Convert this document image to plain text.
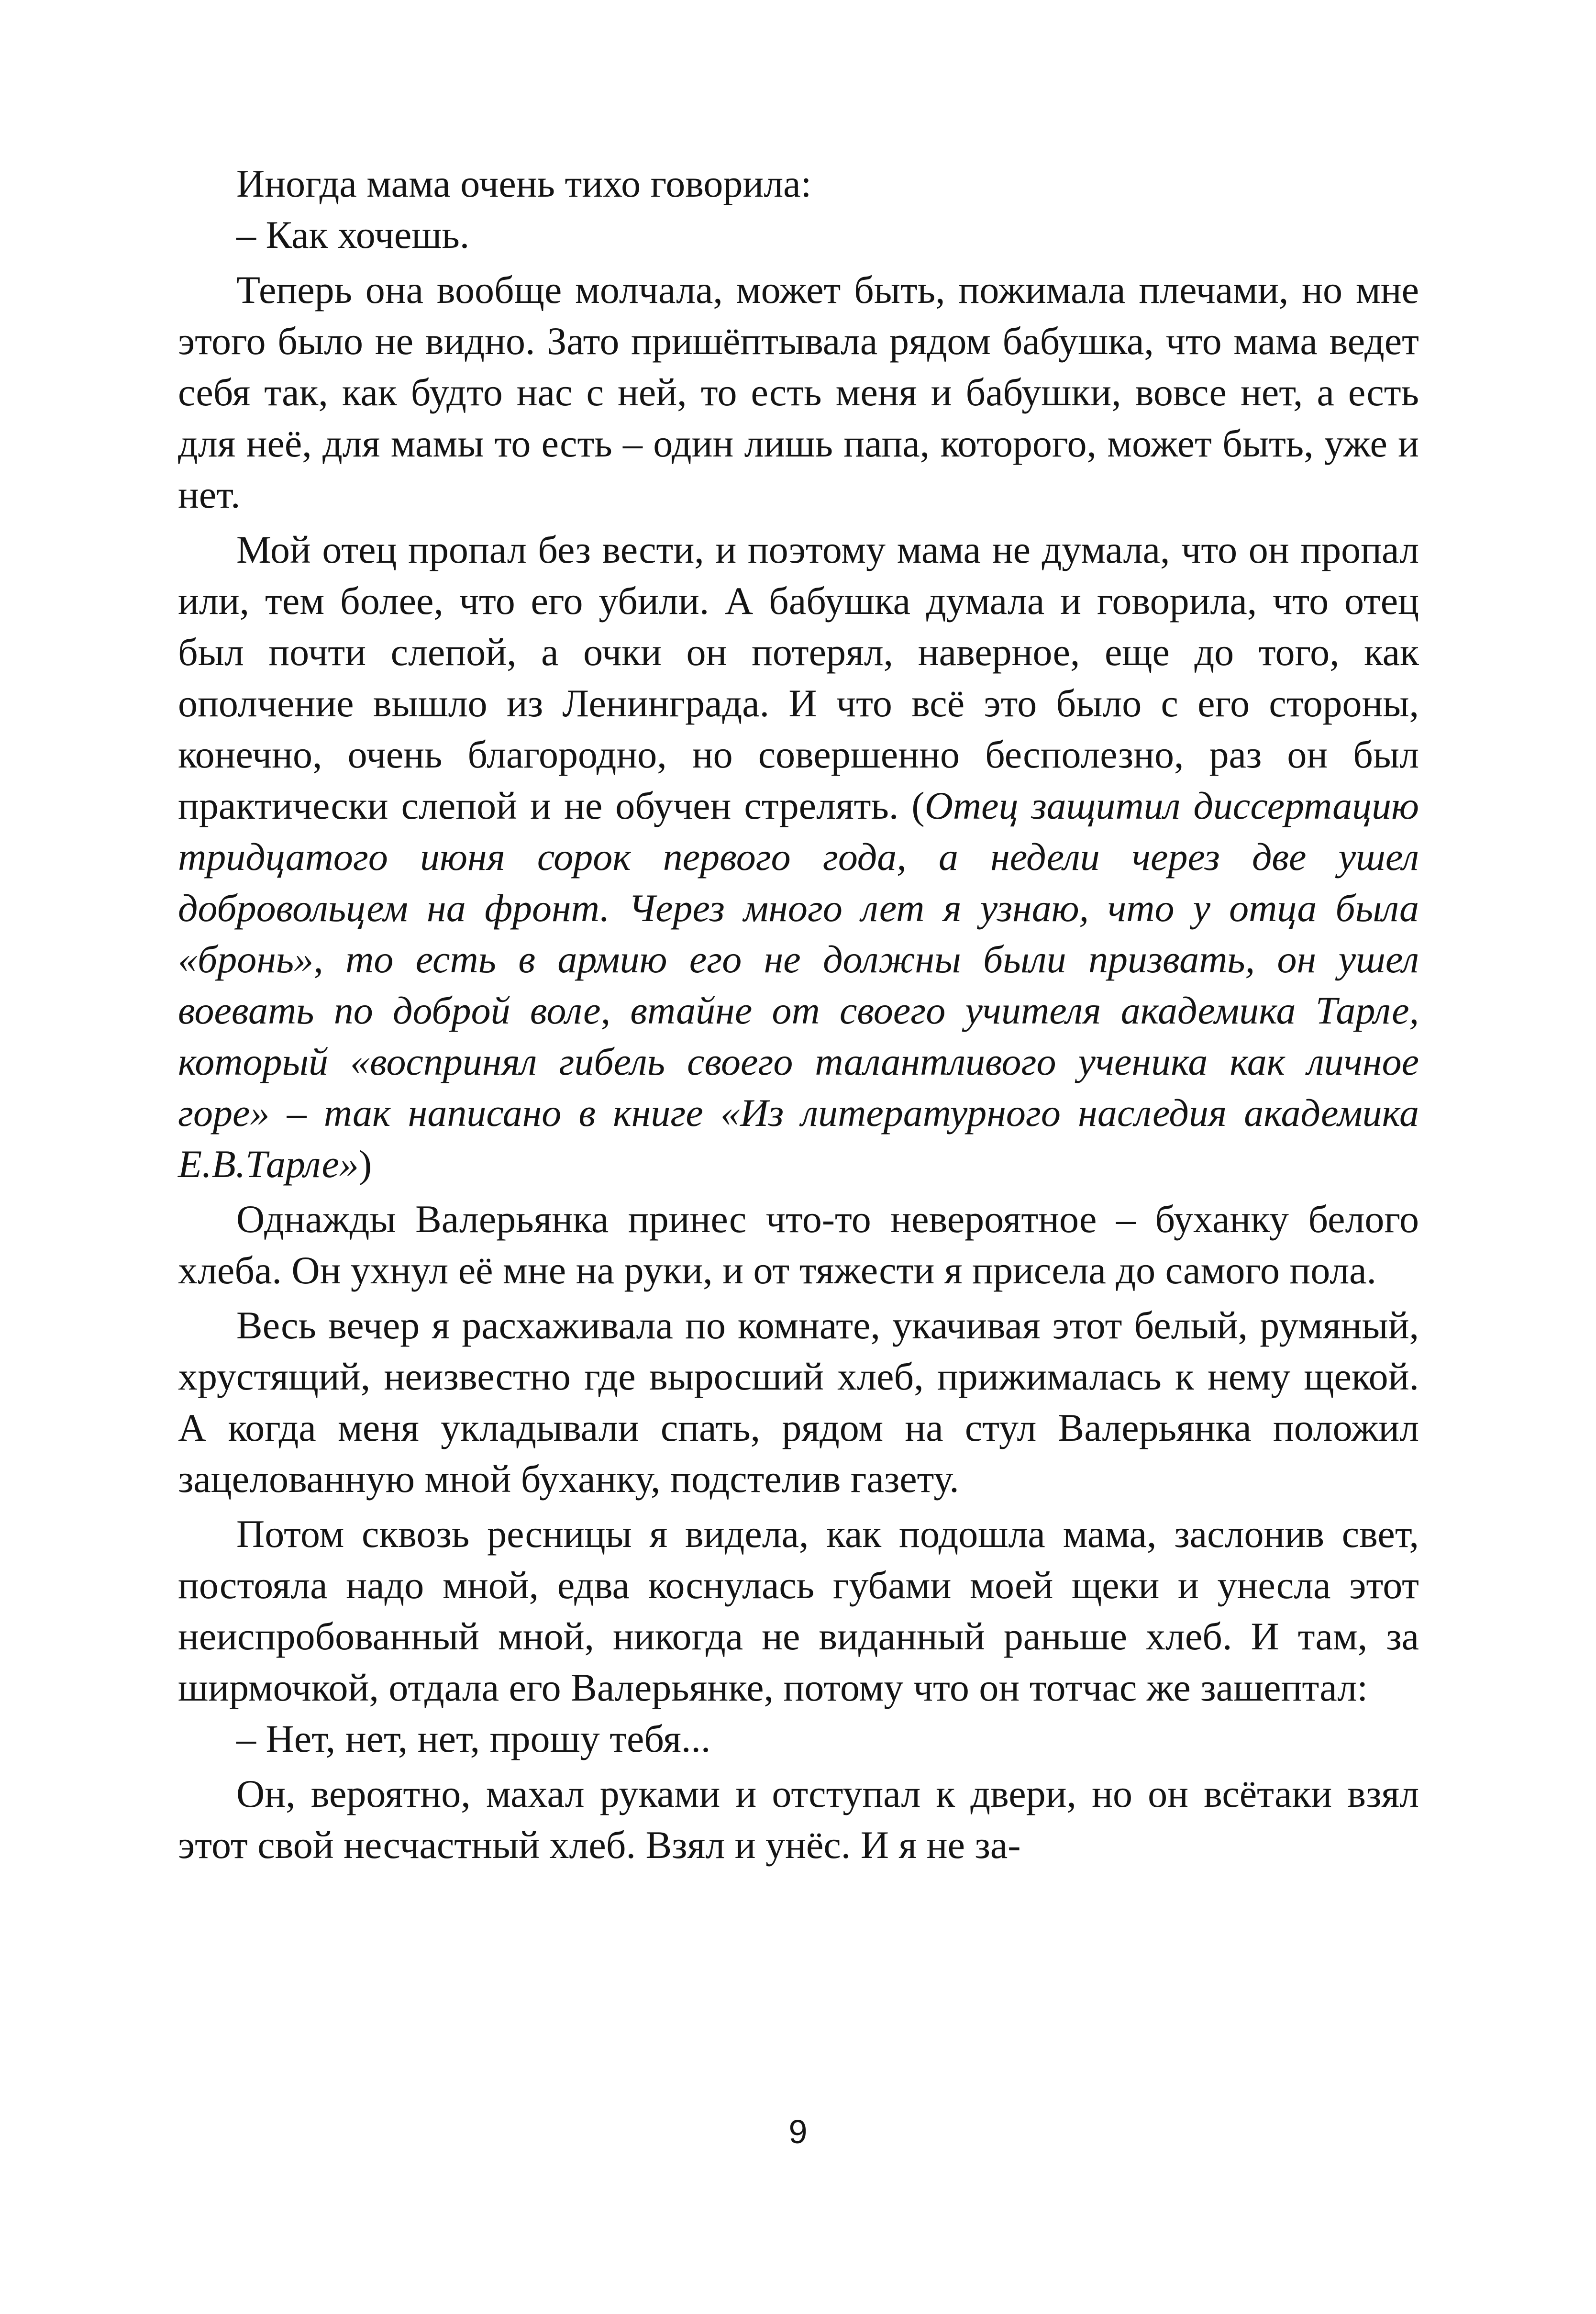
Иногда мама очень тихо говорила:

– Как хочешь.

Теперь она вообще молчала, может быть, пожимала плечами, но мне этого было не видно. Зато пришёптывала рядом бабушка, что мама ведет себя так, как будто нас с ней, то есть меня и бабушки, вовсе нет, а есть для неё, для мамы то есть – один лишь папа, которого, может быть, уже и нет.

Мой отец пропал без вести, и поэтому мама не думала, что он пропал или, тем более, что его убили. А бабушка думала и говорила, что отец был почти слепой, а очки он потерял, наверное, еще до того, как ополчение вышло из Ленинграда. И что всё это было с его стороны, конечно, очень благородно, но совершенно бесполезно, раз он был практически слепой и не обучен стрелять. (Отец защитил диссертацию тридцатого июня сорок первого года, а недели через две ушел добровольцем на фронт. Через много лет я узнаю, что у отца была «бронь», то есть в армию его не должны были призвать, он ушел воевать по доброй воле, втайне от своего учителя академика Тарле, который «воспринял гибель своего талантливого ученика как личное горе» – так написано в книге «Из литературного наследия академика Е.В.Тарле»)

Однажды Валерьянка принес что-то невероятное – буханку белого хлеба. Он ухнул её мне на руки, и от тяжести я присела до самого пола.

Весь вечер я расхаживала по комнате, укачивая этот белый, румяный, хрустящий, неизвестно где выросший хлеб, прижималась к нему щекой. А когда меня укладывали спать, рядом на стул Валерьянка положил зацелованную мной буханку, подстелив газету.

Потом сквозь ресницы я видела, как подошла мама, заслонив свет, постояла надо мной, едва коснулась губами моей щеки и унесла этот неиспробованный мной, никогда не виданный раньше хлеб. И там, за ширмочкой, отдала его Валерьянке, потому что он тотчас же зашептал:

– Нет, нет, нет, прошу тебя...

Он, вероятно, махал руками и отступал к двери, но он всётаки взял этот свой несчастный хлеб. Взял и унёс. И я не за-

9
